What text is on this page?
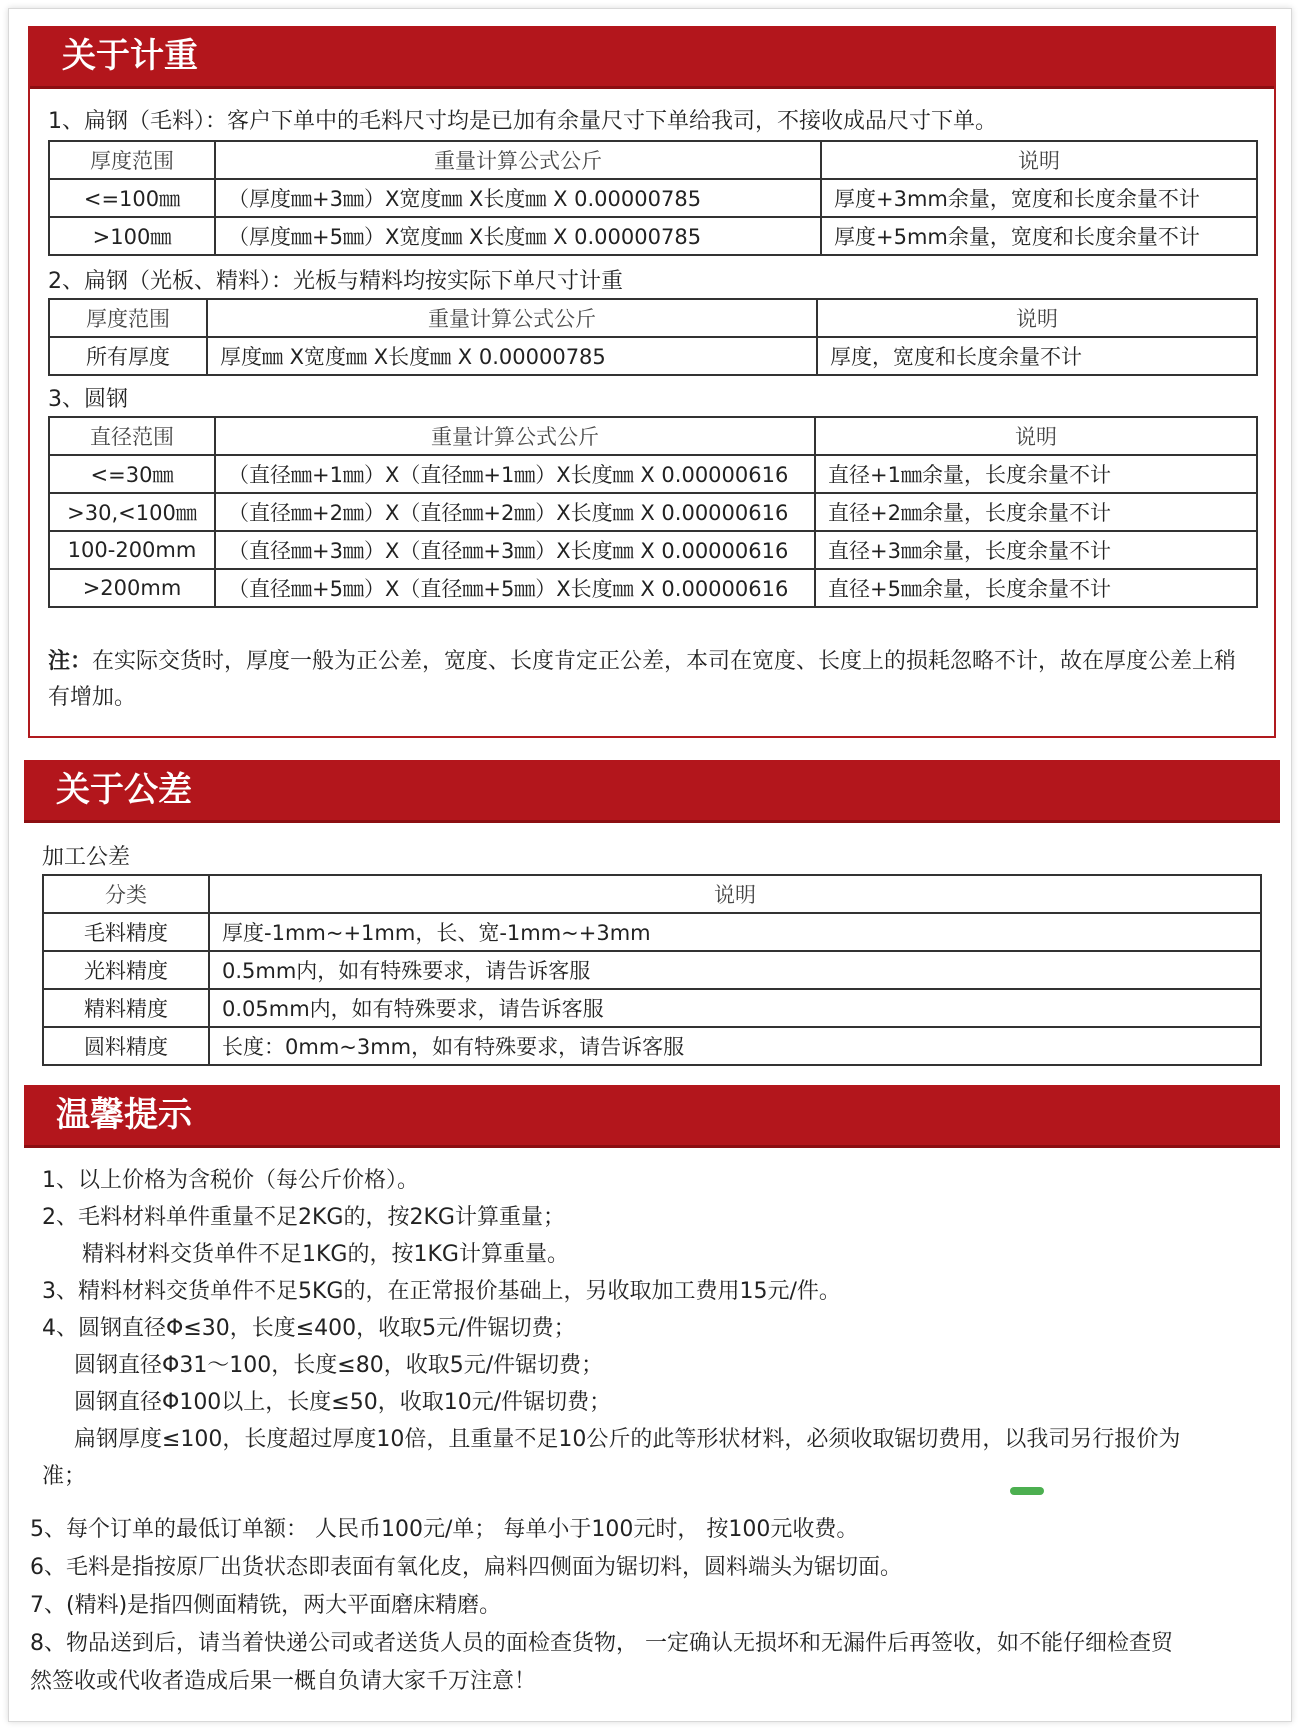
关于计重
1、扁钢（毛料）：客户下单中的毛料尺寸均是已加有余量尺寸下单给我司，不接收成品尺寸下单。
厚度范围	重量计算公式公斤	说明
<=100㎜	（厚度㎜+3㎜）X宽度㎜ X长度㎜ X 0.00000785	厚度+3mm余量，宽度和长度余量不计
>100㎜	（厚度㎜+5㎜）X宽度㎜ X长度㎜ X 0.00000785	厚度+5mm余量，宽度和长度余量不计
2、扁钢（光板、精料）：光板与精料均按实际下单尺寸计重
厚度范围	重量计算公式公斤	说明
所有厚度	厚度㎜ X宽度㎜ X长度㎜ X 0.00000785	厚度，宽度和长度余量不计
3、圆钢
直径范围	重量计算公式公斤	说明
<=30㎜	（直径㎜+1㎜）X（直径㎜+1㎜）X长度㎜ X 0.00000616	直径+1㎜余量，长度余量不计
>30,<100㎜	（直径㎜+2㎜）X（直径㎜+2㎜）X长度㎜ X 0.00000616	直径+2㎜余量，长度余量不计
100-200mm	（直径㎜+3㎜）X（直径㎜+3㎜）X长度㎜ X 0.00000616	直径+3㎜余量，长度余量不计
>200mm	（直径㎜+5㎜）X（直径㎜+5㎜）X长度㎜ X 0.00000616	直径+5㎜余量，长度余量不计
注：在实际交货时，厚度一般为正公差，宽度、长度肯定正公差，本司在宽度、长度上的损耗忽略不计，故在厚度公差上稍有增加。
关于公差
加工公差
分类	说明
毛料精度	厚度-1mm~+1mm，长、宽-1mm~+3mm
光料精度	0.5mm内，如有特殊要求，请告诉客服
精料精度	0.05mm内，如有特殊要求，请告诉客服
圆料精度	长度：0mm~3mm，如有特殊要求，请告诉客服
温馨提示
1、以上价格为含税价（每公斤价格）。
2、毛料材料单件重量不足2KG的，按2KG计算重量；
精料材料交货单件不足1KG的，按1KG计算重量。
3、精料材料交货单件不足5KG的，在正常报价基础上，另收取加工费用15元/件。
4、圆钢直径Φ≤30，长度≤400，收取5元/件锯切费；
圆钢直径Φ31～100，长度≤80，收取5元/件锯切费；
圆钢直径Φ100以上，长度≤50，收取10元/件锯切费；
扁钢厚度≤100，长度超过厚度10倍，且重量不足10公斤的此等形状材料，必须收取锯切费用，以我司另行报价为
准；
5、每个订单的最低订单额： 人民币100元/单； 每单小于100元时， 按100元收费。
6、毛料是指按原厂出货状态即表面有氧化皮，扁料四侧面为锯切料，圆料端头为锯切面。
7、(精料)是指四侧面精铣，两大平面磨床精磨。
8、物品送到后，请当着快递公司或者送货人员的面检查货物， 一定确认无损坏和无漏件后再签收，如不能仔细检查贸
然签收或代收者造成后果一概自负请大家千万注意！
